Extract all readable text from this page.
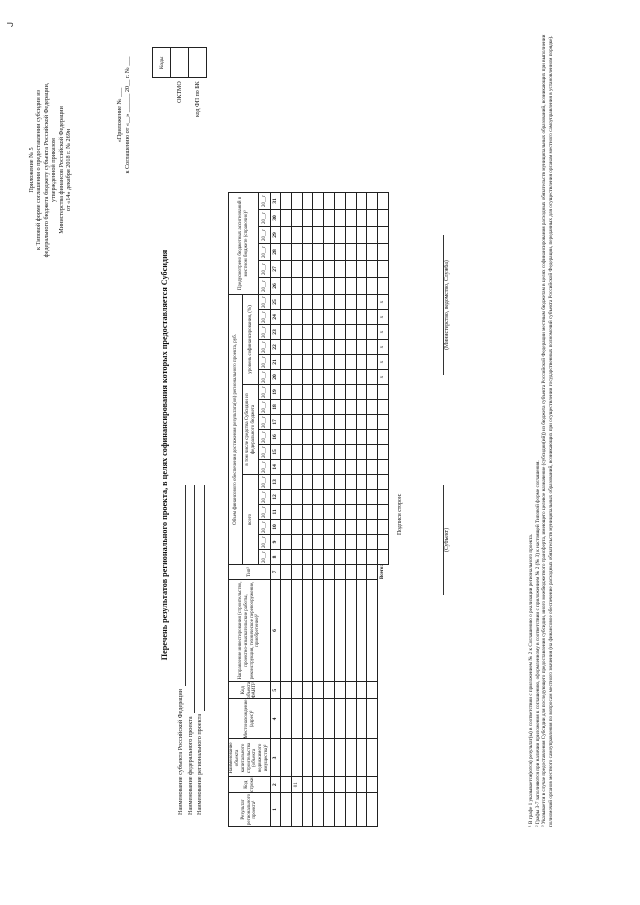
ᒍ
Приложение № 5 к Типовой форме соглашения о предоставлении субсидии из федерального бюджета бюджету субъекта Российской Федерации, утвержденной приказом Министерства финансов Российской Федерации от «14» декабря 2018 г. № 269н
«Приложение № ___ к Соглашению от «__» ______ 20__ г. № ___
		Коды
ОКТМО	
код ФП по БК	
Перечень результатов регионального проекта, в целях софинансирования которых предоставляется Субсидия
Наименование субъекта Российской Федерации Наименование федерального проекта Наименование регионального проекта	Результат регионального проекта¹	Код строки	Наименование объекта капитального строительства (объекта недвижимого имущества)²	Местонахождение (адрес)²	Код объекта ФАИП²	Направление инвестирования (строительство, проектно-изыскательские работы, реконструкция, техническое перевооружение, приобретение)²	Тип²	Объем финансового обеспечения достижения результата(ов) регионального проекта, руб.																		Предусмотрено бюджетных ассигнований в местном бюджете (справочно)³					
							всего						в том числе средства Субсидии из федерального бюджета						уровень софинансирования, (%)											
							20__г	20__г	20__г	20__г	20__г	20__г	20__г	20__г	20__г	20__г	20__г	20__г	20__г	20__г	20__г	20__г	20__г	20__г	20__г	20__г	20__г	20__г	20__г	20__г
1	2	3	4	5	6	7	8	9	10	11	12	13	14	15	16	17	18	19	20	21	22	23	24	25	26	27	28	29	30	31

	01																													

Всего:																			x	x	x	x	x	x						
Подписи сторон:
(Субъект)
(Министерство, ведомство, Служба)
¹ В графе 1 указывается(ются) результат(ы) в соответствии с приложением № 2 к Соглашению о реализации регионального проекта. ² Графы 3-7 заполняются при наличии приложения к соглашению, оформленному в соответствии с приложением № 2 (№ 3) к настоящей Типовой форме соглашения. ³ Указывается в случае предоставления Субсидии для последующего предоставления субсидии, иного межбюджетного трансферта, имеющего целевое назначение (субсидии(ий)) из бюджета субъекта Российской Федерации местным бюджетам в целях софинансирования расходных обязательств муниципальных образований, возникающих при выполнении полномочий органов местного самоуправления по вопросам местного значения (на финансовое обеспечение расходных обязательств муниципальных образований, возникающих при осуществлении государственных полномочий субъекта Российской Федерации, переданных для осуществления органам местного самоуправления в установленном порядке).
